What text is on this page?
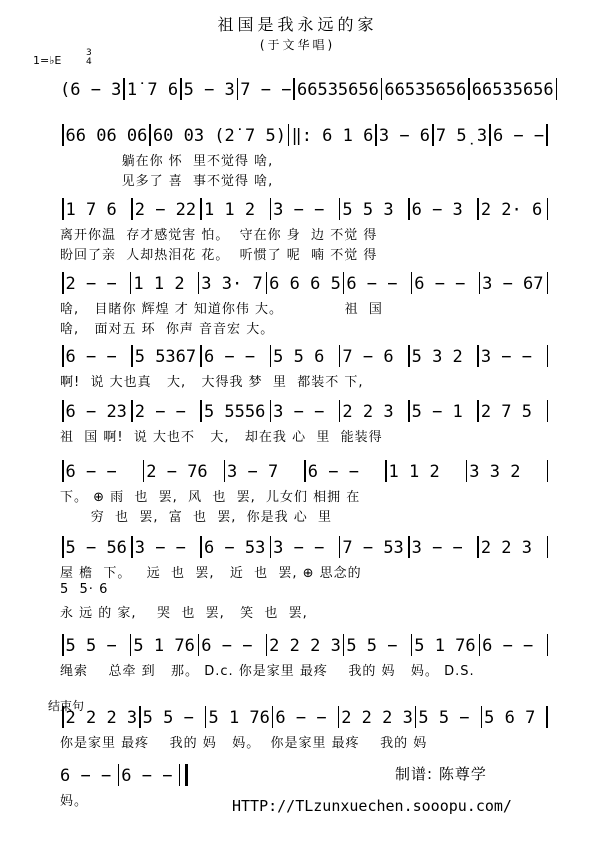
祖国是我永远的家
(于文华唱)
1=♭E
3
4
(6 − 3 1̇ 7 6 5 − 3 7 − − 66535656 66535656 66535656
66 06 06 60 03 (2̇ 7 5) ‖: 6 1 6 3 − 6 7 5̣ 3 6 − −
躺在你 怀  里不觉得 啥,
见多了 喜  事不觉得 啥,
1 7 6	2 − 22 1 1 2	3 − −	5 5 3	6 − 3	2 2· 6
离开你温  存才感觉害 怕。  守在你 身  边 不觉 得
盼回了亲  人却热泪花 花。  听惯了 呢  喃 不觉 得
2 − − 1 1 2 3 3· 7 6 6 6 5 6 − − 6 − − 3 − 67
啥,   目睹你 辉煌 才 知道你伟 大。            祖  国
啥,   面对五 环  你声 音音宏 大。
6 − −	5 5367 6 − −	5 5 6	7 − 6	5 3 2	3 − −
啊!  说 大也真   大,   大得我 梦  里  都装不 下,
6 − 23 2 − −	5 5556 3 − −	2 2 3	5 − 1	2 7 5
祖  国 啊!  说 大也不   大,   却在我 心  里  能装得
6 − −	2 − 76	3 − 7	6 − −	1 1 2	3 3 2
下。 ⊕ 雨  也  罢,  风  也  罢,  儿女们 相拥 在
穷  也  罢,  富  也  罢,  你是我 心  里
5 − 56 3 − −	6 − 53 3 − −	7 − 53 3 − −	2 2 3
屋 檐  下。   远  也  罢,   近  也  罢, ⊕ 思念的
5  5· 6
永 远 的 家,    哭  也  罢,   笑  也  罢,
5 5 − 5 1 76 6 − − 2 2 2 3 5 5 − 5 1 76 6 − −
绳索    总牵 到   那。 D.c. 你是家里 最疼    我的 妈   妈。 D.S.
2 2 2 3 5 5 − 5 1 76 6 − − 2 2 2 3 5 5 − 5 6 7
你是家里 最疼    我的 妈   妈。  你是家里 最疼    我的 妈
6 − − 6 − −
妈。
结束句
制谱: 陈尊学
HTTP://TLzunxuechen.sooopu.com/
